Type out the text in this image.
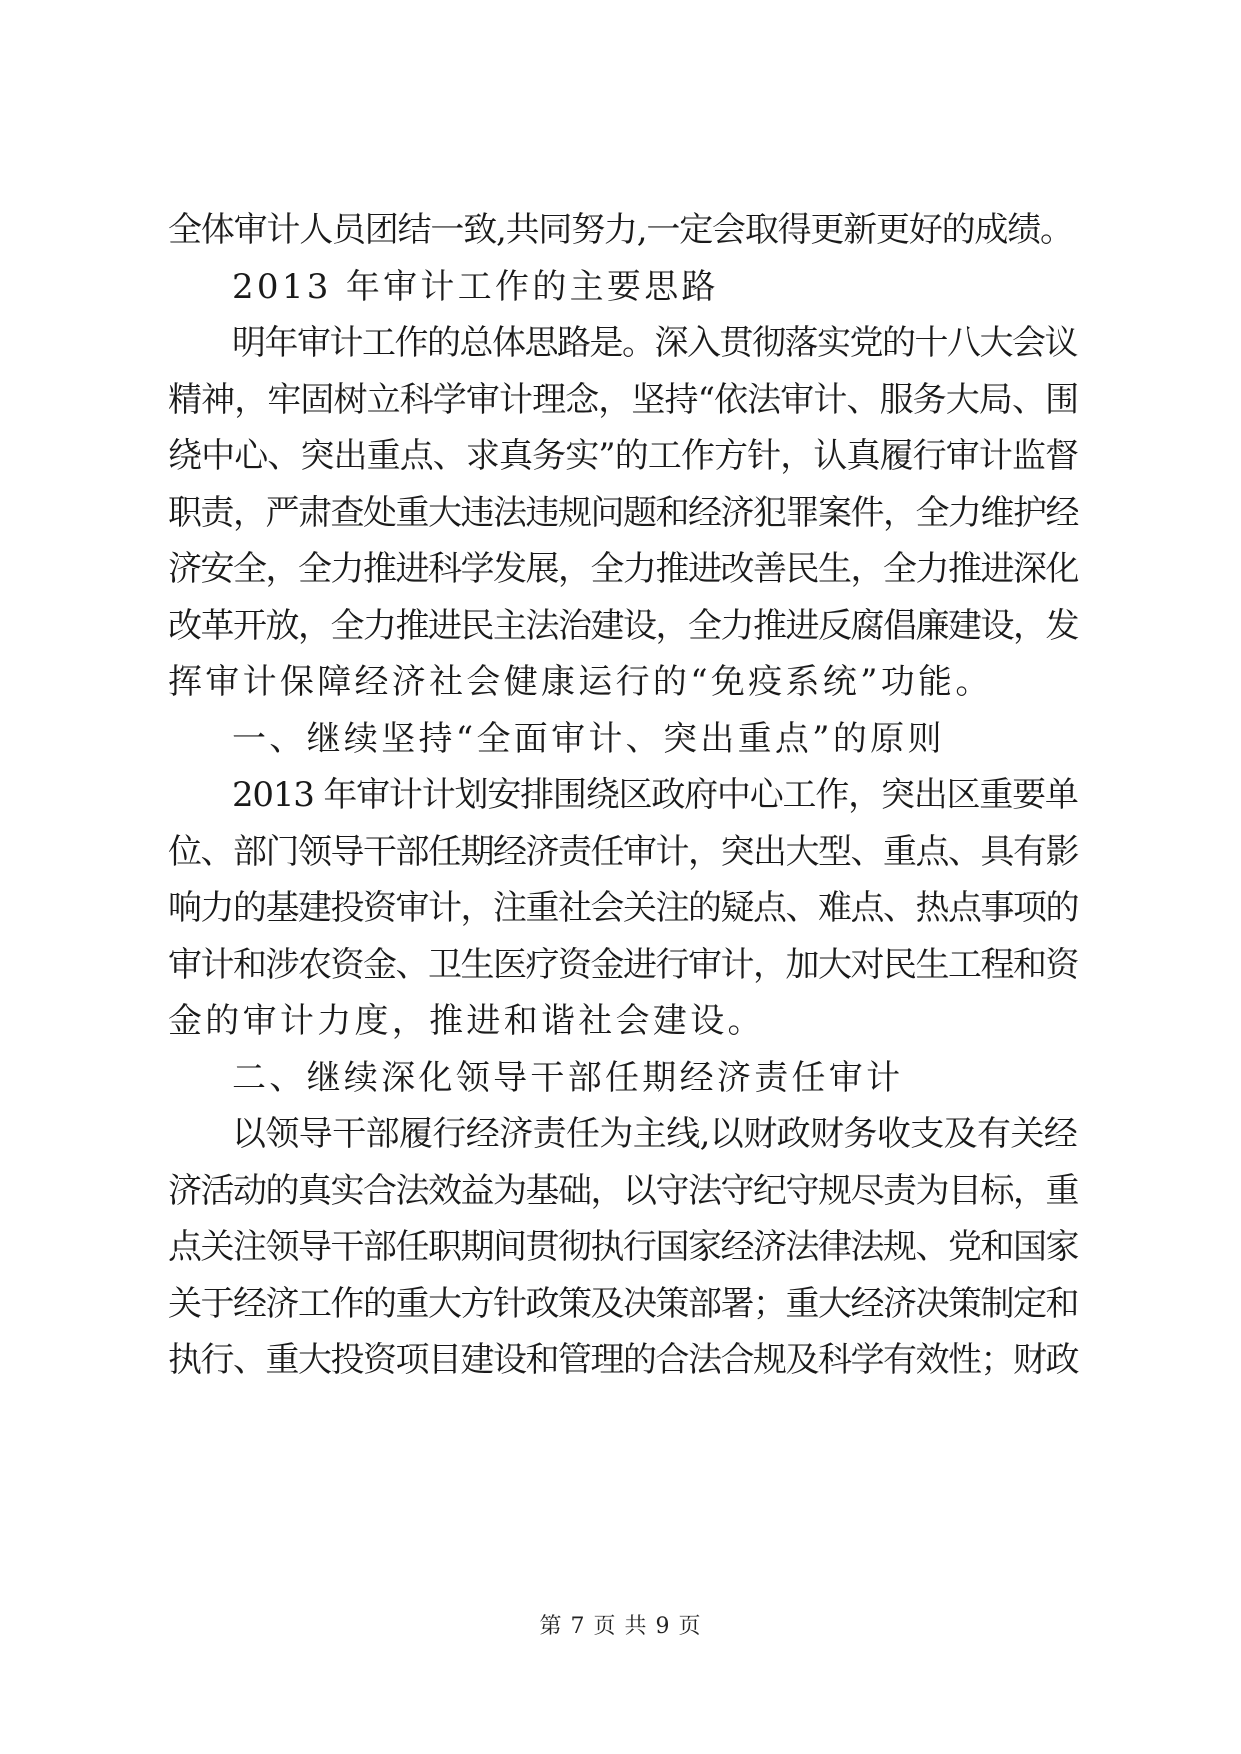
全体审计人员团结一致,共同努力,一定会取得更新更好的成绩。
2013 年审计工作的主要思路
明年审计工作的总体思路是。深入贯彻落实党的十八大会议
精神，牢固树立科学审计理念，坚持“依法审计、服务大局、围
绕中心、突出重点、求真务实”的工作方针，认真履行审计监督
职责，严肃查处重大违法违规问题和经济犯罪案件，全力维护经
济安全，全力推进科学发展，全力推进改善民生，全力推进深化
改革开放，全力推进民主法治建设，全力推进反腐倡廉建设，发
挥审计保障经济社会健康运行的“免疫系统”功能。
一、继续坚持“全面审计、突出重点”的原则
2013 年审计计划安排围绕区政府中心工作，突出区重要单
位、部门领导干部任期经济责任审计，突出大型、重点、具有影
响力的基建投资审计，注重社会关注的疑点、难点、热点事项的
审计和涉农资金、卫生医疗资金进行审计，加大对民生工程和资
金的审计力度，推进和谐社会建设。
二、继续深化领导干部任期经济责任审计
以领导干部履行经济责任为主线,以财政财务收支及有关经
济活动的真实合法效益为基础，以守法守纪守规尽责为目标，重
点关注领导干部任职期间贯彻执行国家经济法律法规、党和国家
关于经济工作的重大方针政策及决策部署；重大经济决策制定和
执行、重大投资项目建设和管理的合法合规及科学有效性；财政
第 7 页 共 9 页
